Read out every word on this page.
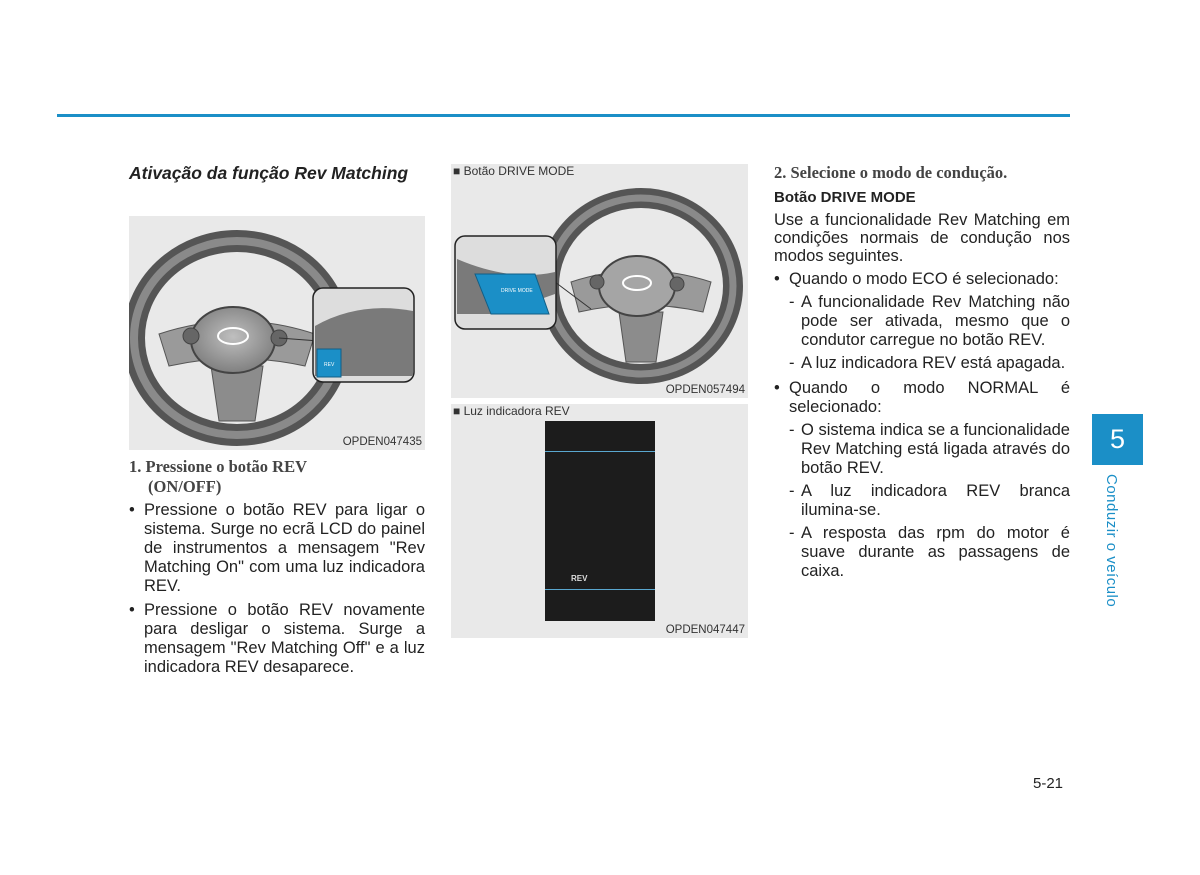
Ativação da função Rev Matching
REV
OPDEN047435
1. Pressione o botão REV
(ON/OFF)
• Pressione o botão REV para ligar o sistema. Surge no ecrã LCD do painel de instrumentos a mensagem "Rev Matching On" com uma luz indicadora REV.
• Pressione o botão REV novamente para desligar o sistema. Surge a mensagem "Rev Matching Off" e a luz indicadora REV desaparece.
■ Botão DRIVE MODE
DRIVE MODE
OPDEN057494
■ Luz indicadora REV
REV
OPDEN047447
2. Selecione o modo de condução.
Botão DRIVE MODE

Use a funcionalidade Rev Matching em condições normais de condução nos modos seguintes.

• Quando o modo ECO é selecionado:
- A funcionalidade Rev Matching não pode ser ativada, mesmo que o condutor carregue no botão REV.
- A luz indicadora REV está apagada.
• Quando o modo NORMAL é selecionado:
- O sistema indica se a funcionalidade Rev Matching está ligada através do botão REV.
- A luz indicadora REV branca ilumina-se.
- A resposta das rpm do motor é suave durante as passagens de caixa.
5
Conduzir o veículo
5-21
